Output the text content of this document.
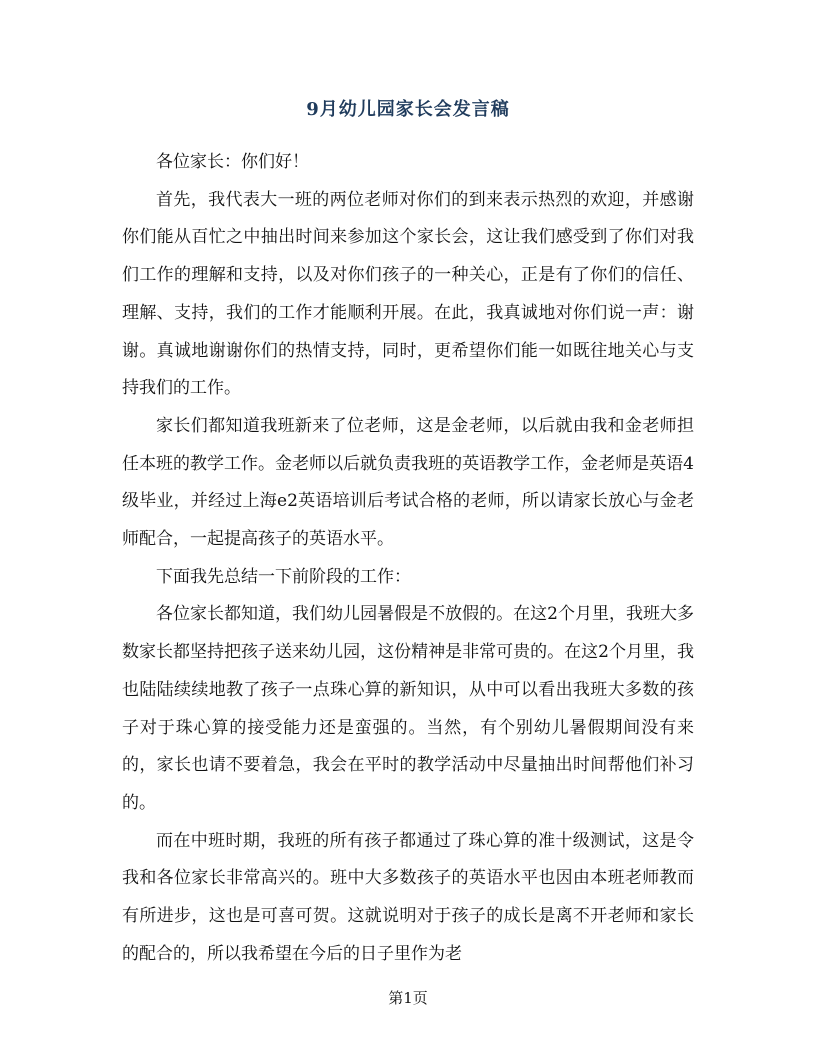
9月幼儿园家长会发言稿

各位家长：你们好！

首先，我代表大一班的两位老师对你们的到来表示热烈的欢迎，并感谢你们能从百忙之中抽出时间来参加这个家长会，这让我们感受到了你们对我们工作的理解和支持，以及对你们孩子的一种关心，正是有了你们的信任、理解、支持，我们的工作才能顺利开展。在此，我真诚地对你们说一声：谢谢。真诚地谢谢你们的热情支持，同时，更希望你们能一如既往地关心与支持我们的工作。

家长们都知道我班新来了位老师，这是金老师，以后就由我和金老师担任本班的教学工作。金老师以后就负责我班的英语教学工作，金老师是英语4级毕业，并经过上海e2英语培训后考试合格的老师，所以请家长放心与金老师配合，一起提高孩子的英语水平。

下面我先总结一下前阶段的工作：

各位家长都知道，我们幼儿园暑假是不放假的。在这2个月里，我班大多数家长都坚持把孩子送来幼儿园，这份精神是非常可贵的。在这2个月里，我也陆陆续续地教了孩子一点珠心算的新知识，从中可以看出我班大多数的孩子对于珠心算的接受能力还是蛮强的。当然，有个别幼儿暑假期间没有来的，家长也请不要着急，我会在平时的教学活动中尽量抽出时间帮他们补习的。

而在中班时期，我班的所有孩子都通过了珠心算的准十级测试，这是令我和各位家长非常高兴的。班中大多数孩子的英语水平也因由本班老师教而有所进步，这也是可喜可贺。这就说明对于孩子的成长是离不开老师和家长的配合的，所以我希望在今后的日子里作为老

第1页
